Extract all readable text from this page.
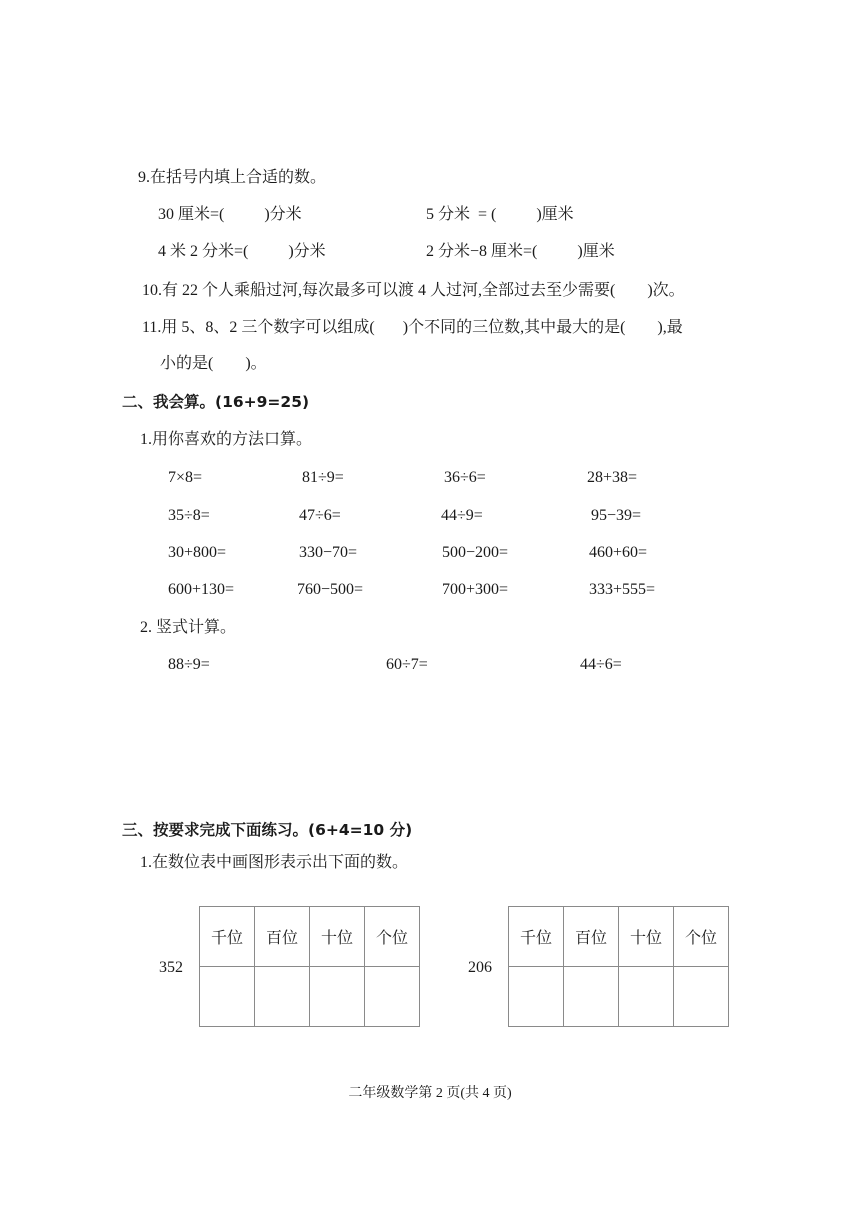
9.在括号内填上合适的数。
30 厘米=(          )分米	5 分米  = (          )厘米
4 米 2 分米=(          )分米	2 分米−8 厘米=(          )厘米
10.有 22 个人乘船过河,每次最多可以渡 4 人过河,全部过去至少需要(        )次。
11.用 5、8、2 三个数字可以组成(       )个不同的三位数,其中最大的是(        ),最
小的是(        )。
二、我会算。(16+9=25)
1.用你喜欢的方法口算。
7×8=	81÷9=	36÷6=	28+38=
35÷8=	47÷6=	44÷9=	95−39=
30+800=	330−70=	500−200=	460+60=
600+130=	760−500=	700+300=	333+555=
2. 竖式计算。
88÷9=	60÷7=	44÷6=
三、按要求完成下面练习。(6+4=10 分)
1.在数位表中画图形表示出下面的数。
352
千位	百位	十位	个位

206
千位	百位	十位	个位

二年级数学第 2 页(共 4 页)
